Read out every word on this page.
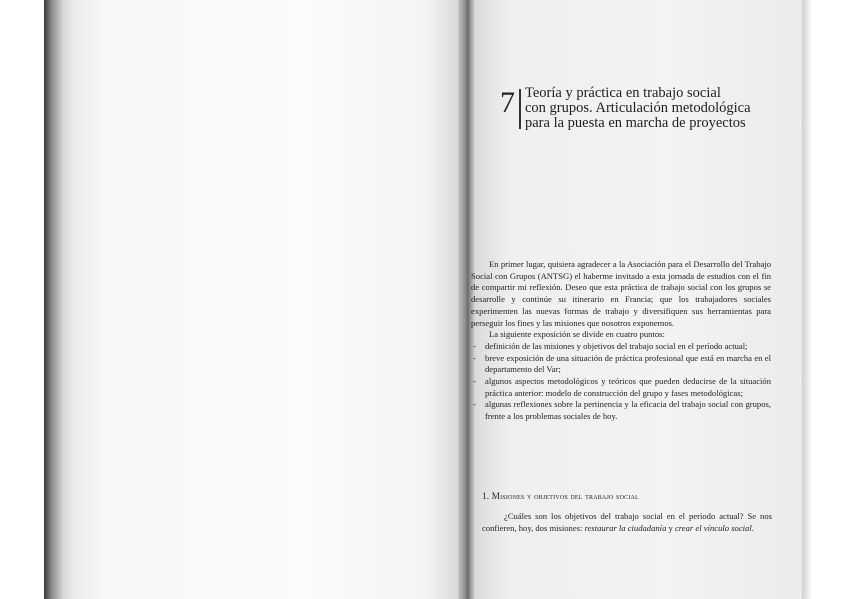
7 Teoría y práctica en trabajo social
con grupos. Articulación metodológica
para la puesta en marcha de proyectos

En primer lugar, quisiera agradecer a la Asociación para el Desarrollo del Trabajo Social con Grupos (ANTSG) el haberme invitado a esta jornada de estudios con el fin de compartir mi reflexión. Deseo que esta práctica de trabajo social con los grupos se desarrolle y continúe su itinerario en Francia; que los trabajadores sociales experimenten las nuevas formas de trabajo y diversifiquen sus herramientas para perseguir los fines y las misiones que nosotros exponemos.

La siguiente exposición se divide en cuatro puntos:

- definición de las misiones y objetivos del trabajo social en el período actual;
- breve exposición de una situación de práctica profesional que está en marcha en el departamento del Var;
- algunos aspectos metodológicos y teóricos que pueden deducirse de la situación práctica anterior: modelo de construcción del grupo y fases metodológicas;
- algunas reflexiones sobre la pertinencia y la eficacia del trabajo social con grupos, frente a los problemas sociales de hoy.
1. Misiones y objetivos del trabajo social

¿Cuáles son los objetivos del trabajo social en el período actual? Se nos confieren, hoy, dos misiones: restaurar la ciudadanía y crear el vínculo social.
